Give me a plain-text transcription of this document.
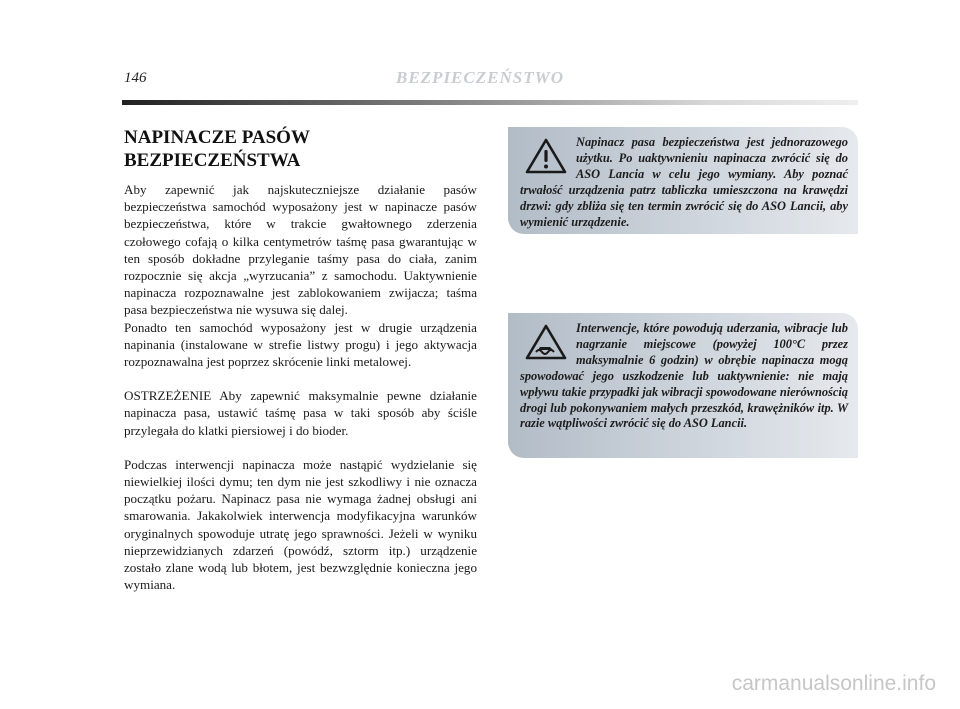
146	BEZPIECZEŃSTWO
NAPINACZE PASÓW
BEZPIECZEŃSTWA

Aby zapewnić jak najskuteczniejsze działanie pasów bezpieczeństwa samochód wyposażony jest w napinacze pasów bezpieczeństwa, które w trakcie gwałtownego zderzenia czołowego cofają o kilka centymetrów taśmę pasa gwarantując w ten sposób dokładne przyleganie taśmy pasa do ciała, zanim rozpocznie się akcja „wyrzucania” z samochodu. Uaktywnienie napinacza rozpoznawalne jest zablokowaniem zwijacza; taśma pasa bezpieczeństwa nie wysuwa się dalej.

Ponadto ten samochód wyposażony jest w drugie urządzenia napinania (instalowane w strefie listwy progu) i jego aktywacja rozpoznawalna jest poprzez skrócenie linki metalowej.

OSTRZEŻENIE Aby zapewnić maksymalnie pewne działanie napinacza pasa, ustawić taśmę pasa w taki sposób aby ściśle przylegała do klatki piersiowej i do bioder.

Podczas interwencji napinacza może nastąpić wydzielanie się niewielkiej ilości dymu; ten dym nie jest szkodliwy i nie oznacza początku pożaru. Napinacz pasa nie wymaga żadnej obsługi ani smarowania. Jakakolwiek interwencja modyfikacyjna warunków oryginalnych spowoduje utratę jego sprawności. Jeżeli w wyniku nieprzewidzianych zdarzeń (powódź, sztorm itp.) urządzenie zostało zlane wodą lub błotem, jest bezwzględnie konieczna jego wymiana.

Napinacz pasa bezpieczeństwa jest jednorazowego użytku. Po uaktywnieniu napinacza zwrócić się do ASO Lancia w celu jego wymiany. Aby poznać trwałość urządzenia patrz tabliczka umieszczona na krawędzi drzwi: gdy zbliża się ten termin zwrócić się do ASO Lancii, aby wymienić urządzenie.
Interwencje, które powodują uderzania, wibracje lub nagrzanie miejscowe (powyżej 100°C przez maksymalnie 6 godzin) w obrębie napinacza mogą spowodować jego uszkodzenie lub uaktywnienie: nie mają wpływu takie przypadki jak wibracji spowodowane nierównością drogi lub pokonywaniem małych przeszkód, krawężników itp. W razie wątpliwości zwrócić się do ASO Lancii.
carmanualsonline.info
